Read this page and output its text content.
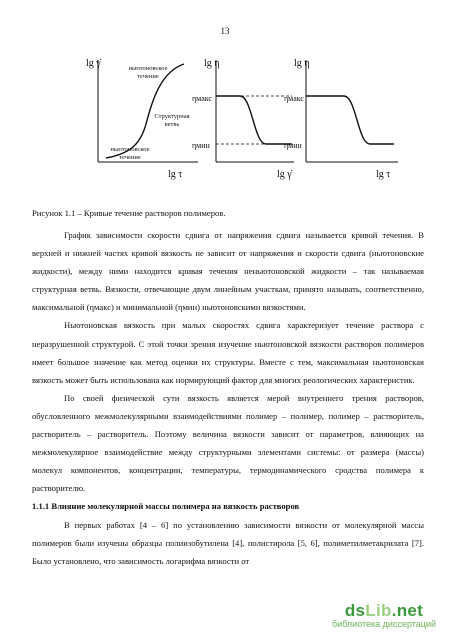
13
lg γ̇	ньютоновское течение
Структурная ветвь
ньютоновское течение
lg τ
lg η
ηмакс
ηмин
lg γ̇
lg η
ηмакс
ηмин
lg τ
Рисунок 1.1 – Кривые течение растворов полимеров.

График зависимости скорости сдвига от напряжения сдвига называется кривой течения. В верхней и нижней частях кривой вязкость не зависит от напряжения и скорости сдвига (ньютоновские жидкости), между ними находится кривая течения неньютоновской жидкости – так называемая структурная ветвь. Вязкости, отвечающие двум линейным участкам, принято называть, соответственно, максимальной (ηмакс) и минимальной (ηмин) ньютоновскими вязкостями.

Ньютоновская вязкость при малых скоростях сдвига характеризует течение раствора с неразрушенной структурой. С этой точки зрения изучение ньютоновской вязкости растворов полимеров имеет большое значение как метод оценки их структуры. Вместе с тем, максимальная ньютоновская вязкость может быть использована как нормирующий фактор для многих реологических характеристик.

По своей физической сути вязкость является мерой внутреннего трения растворов, обусловленного межмолекулярными взаимодействиями полимер – полимер, полимер – растворитель, растворитель – растворитель. Поэтому величина вязкости зависит от параметров, влияющих на межмолекулярное взаимодействие между структурными элементами системы: от размера (массы) молекул компонентов, концентрации, температуры, термодинамического сродства полимера к растворителю.

1.1.1 Влияние молекулярной массы полимера на вязкость растворов

В первых работах [4 – 6] по установлению зависимости вязкости от молекулярной массы полимеров были изучены образцы полиизобутилена [4], полистирола [5, 6], полиметилметакрилата [7]. Было установлено, что зависимость логарифма вязкости от

dsLib.net
библиотека диссертаций
